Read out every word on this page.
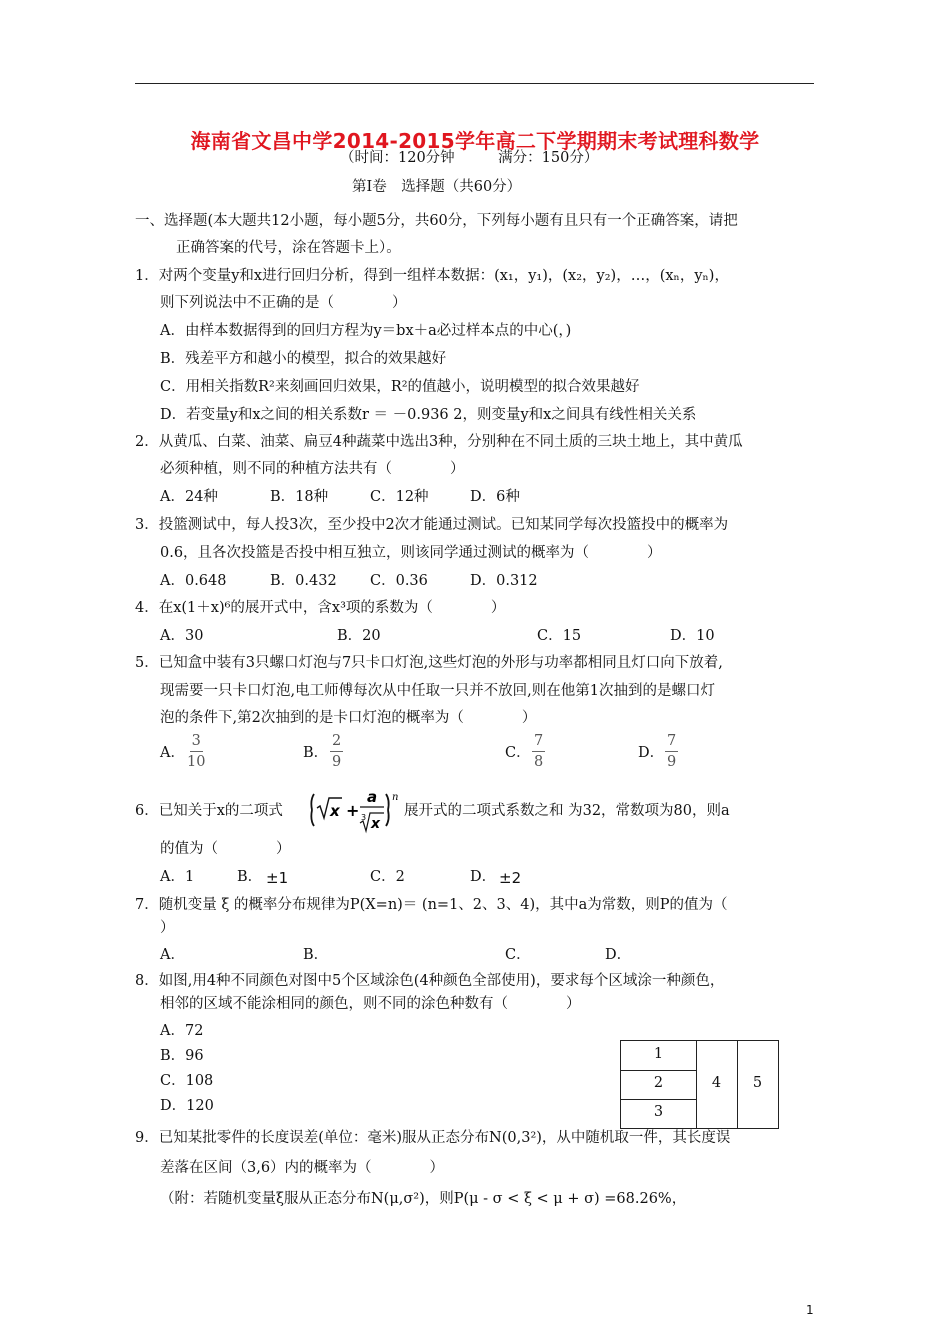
海南省文昌中学2014-2015学年高二下学期期末考试理科数学
（时间：120分钟　　　满分：150分）
第Ⅰ卷　选择题（共60分）
一、选择题(本大题共12小题，每小题5分，共60分，下列每小题有且只有一个正确答案，请把
正确答案的代号，涂在答题卡上）。
1．对两个变量y和x进行回归分析，得到一组样本数据：(x₁，y₁)，(x₂，y₂)，…，(xₙ，yₙ)，
则下列说法中不正确的是（　　　　）
A．由样本数据得到的回归方程为y＝bx＋a必过样本点的中心(，)
B．残差平方和越小的模型，拟合的效果越好
C．用相关指数R²来刻画回归效果，R²的值越小，说明模型的拟合效果越好
D．若变量y和x之间的相关系数r ＝ －0.936 2，则变量y和x之间具有线性相关关系
2．从黄瓜、白菜、油菜、扁豆4种蔬菜中选出3种，分别种在不同土质的三块土地上，其中黄瓜
必须种植，则不同的种植方法共有（　　　　）
A．24种	B．18种	C．12种	D．6种
3．投篮测试中，每人投3次，至少投中2次才能通过测试。已知某同学每次投篮投中的概率为
0.6，且各次投篮是否投中相互独立，则该同学通过测试的概率为（　　　　）
A．0.648	B．0.432 C．0.36	D．0.312
4．在x(1＋x)⁶的展开式中，含x³项的系数为（　　　　）
A．30	B．20	C．15	D．10
5．已知盒中装有3只螺口灯泡与7只卡口灯泡,这些灯泡的外形与功率都相同且灯口向下放着,
现需要一只卡口灯泡,电工师傅每次从中任取一只并不放回,则在他第1次抽到的是螺口灯
泡的条件下,第2次抽到的是卡口灯泡的概率为（　　　　）
A． $\frac{3}{10}$	B． $\frac{2}{9}$	C． $\frac{7}{8}$	D． $\frac{7}{9}$
6．已知关于x的二项式	x +
a
3 x
n
展开式的二项式系数之和 为32，常数项为80，则a
的值为（　　　　）
A．1	B． ±1	C．2	D． ±2
7．随机变量 ξ 的概率分布规律为P(X=n)＝ (n=1、2、3、4)，其中a为常数，则P的值为（
）
A．	B．	C．	D．
8．如图,用4种不同颜色对图中5个区域涂色(4种颜色全部使用)，要求每个区域涂一种颜色，
相邻的区域不能涂相同的颜色，则不同的涂色种数有（　　　　）
A．72
B．96
C．108
D．120
1
2
3
4	5
9．已知某批零件的长度误差(单位：毫米)服从正态分布N(0,3²)，从中随机取一件，其长度误
差落在区间（3,6）内的概率为（　　　　）
（附：若随机变量ξ服从正态分布N(μ,σ²)，则P(μ - σ < ξ < μ + σ) =68.26%，
1
